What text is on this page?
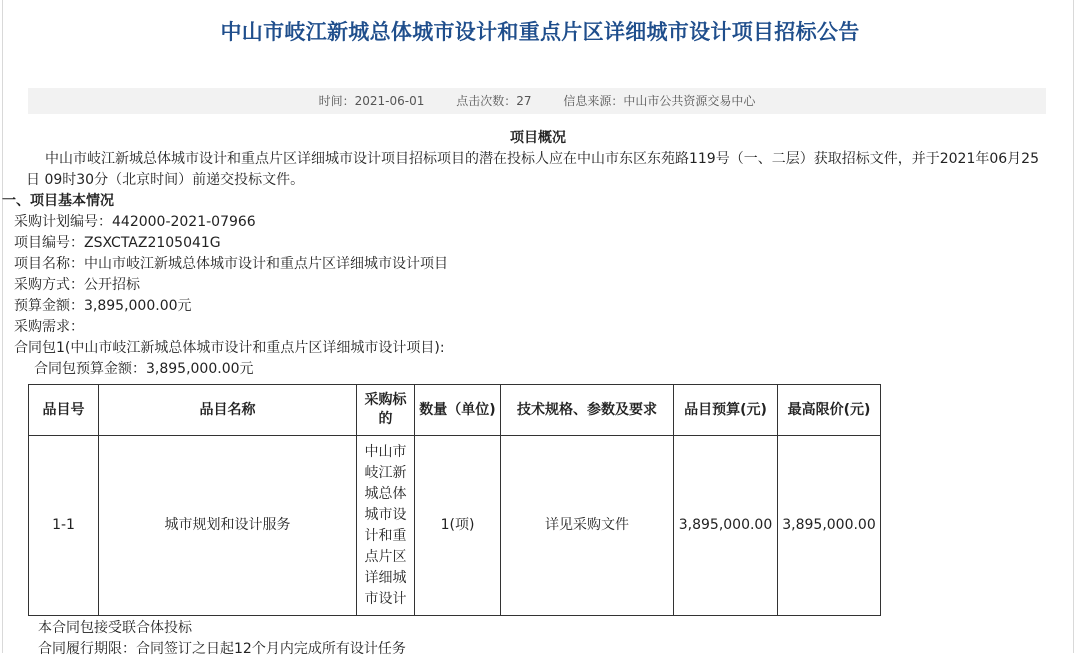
中山市岐江新城总体城市设计和重点片区详细城市设计项目招标公告
时间：2021-06-01	点击次数：27	信息来源：中山市公共资源交易中心
项目概况
中山市岐江新城总体城市设计和重点片区详细城市设计项目招标项目的潜在投标人应在中山市东区东苑路119号（一、二层）获取招标文件，并于2021年06月25日 09时30分（北京时间）前递交投标文件。
一、项目基本情况
采购计划编号：442000-2021-07966
项目编号：ZSXCTAZ2105041G
项目名称：中山市岐江新城总体城市设计和重点片区详细城市设计项目
采购方式：公开招标
预算金额：3,895,000.00元
采购需求：
合同包1(中山市岐江新城总体城市设计和重点片区详细城市设计项目):
合同包预算金额：3,895,000.00元
品目号	品目名称	采购标的	数量（单位)	技术规格、参数及要求	品目预算(元)	最高限价(元)
1-1	城市规划和设计服务	中山市岐江新城总体城市设计和重点片区详细城市设计	1(项)	详见采购文件	3,895,000.00	3,895,000.00
本合同包接受联合体投标
合同履行期限：合同签订之日起12个月内完成所有设计任务
